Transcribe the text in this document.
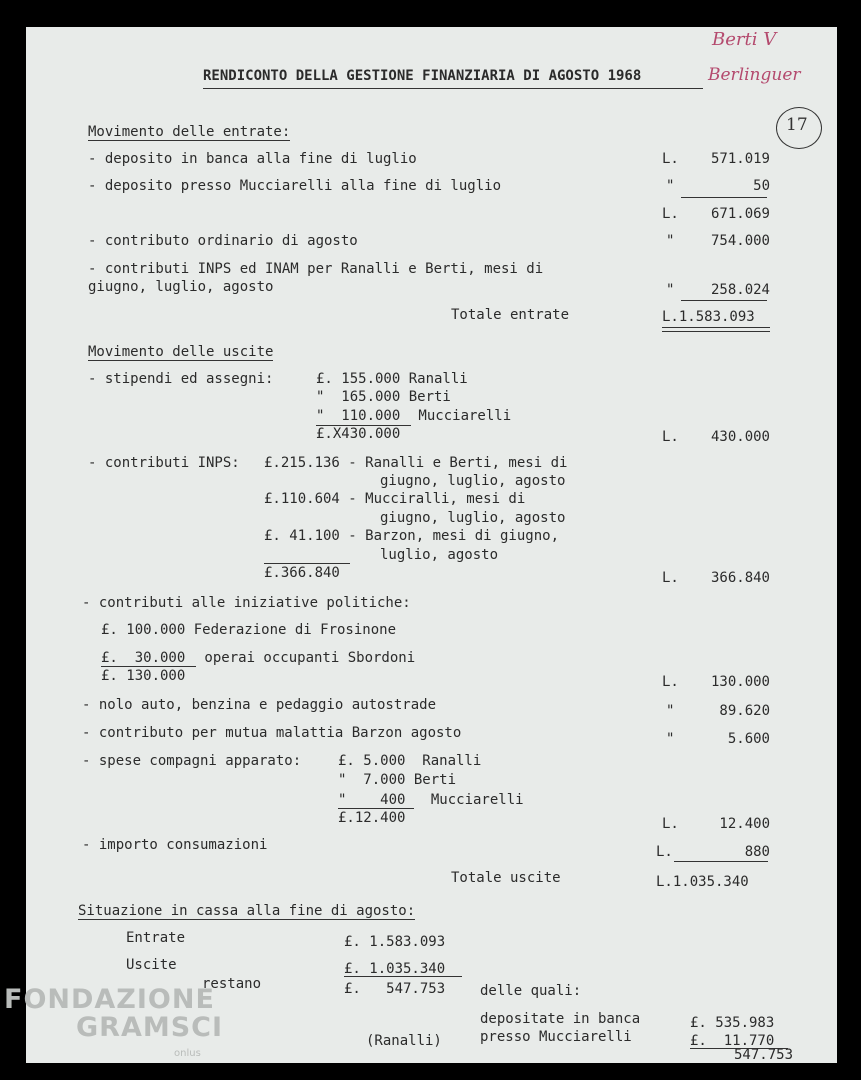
Berti V
Berlinguer
17
RENDICONTO DELLA GESTIONE FINANZIARIA DI AGOSTO 1968
Movimento delle entrate:
- deposito in banca alla fine di luglio	L.	571.019
- deposito presso Mucciarelli alla fine di luglio	"	50
L.	671.069
- contributo ordinario di agosto	"	754.000
- contributi INPS ed INAM per Ranalli e Berti, mesi di
giugno, luglio, agosto	"	258.024
Totale entrate	L.1.583.093
Movimento delle uscite
- stipendi ed assegni:	£. 155.000 Ranalli
"  165.000 Berti
"  110.000 Mucciarelli
£.X430.000	L.	430.000
- contributi INPS: £.215.136 - Ranalli e Berti, mesi di
giugno, luglio, agosto
£.110.604 - Mucciralli, mesi di
giugno, luglio, agosto
£. 41.100 - Barzon, mesi di giugno,
luglio, agosto
£.366.840	L.	366.840
- contributi alle iniziative politiche:
£. 100.000 Federazione di Frosinone
£.  30.000 operai occupanti Sbordoni
£. 130.000	L.	130.000
- nolo auto, benzina e pedaggio autostrade	"	89.620
- contributo per mutua malattia Barzon agosto	"	5.600
- spese compagni apparato:	£. 5.000  Ranalli
"  7.000 Berti
"    400 Mucciarelli
£.12.400	L.	12.400
- importo consumazioni	L.	880
Totale uscite	L.1.035.340
Situazione in cassa alla fine di agosto:
Entrate	£. 1.583.093
Uscite	£. 1.035.340
restano	£.   547.753 delle quali:
depositate in banca	£. 535.983
presso Mucciarelli	£.  11.770
547.753
(Ranalli)
FONDAZIONE
GRAMSCI
onlus
